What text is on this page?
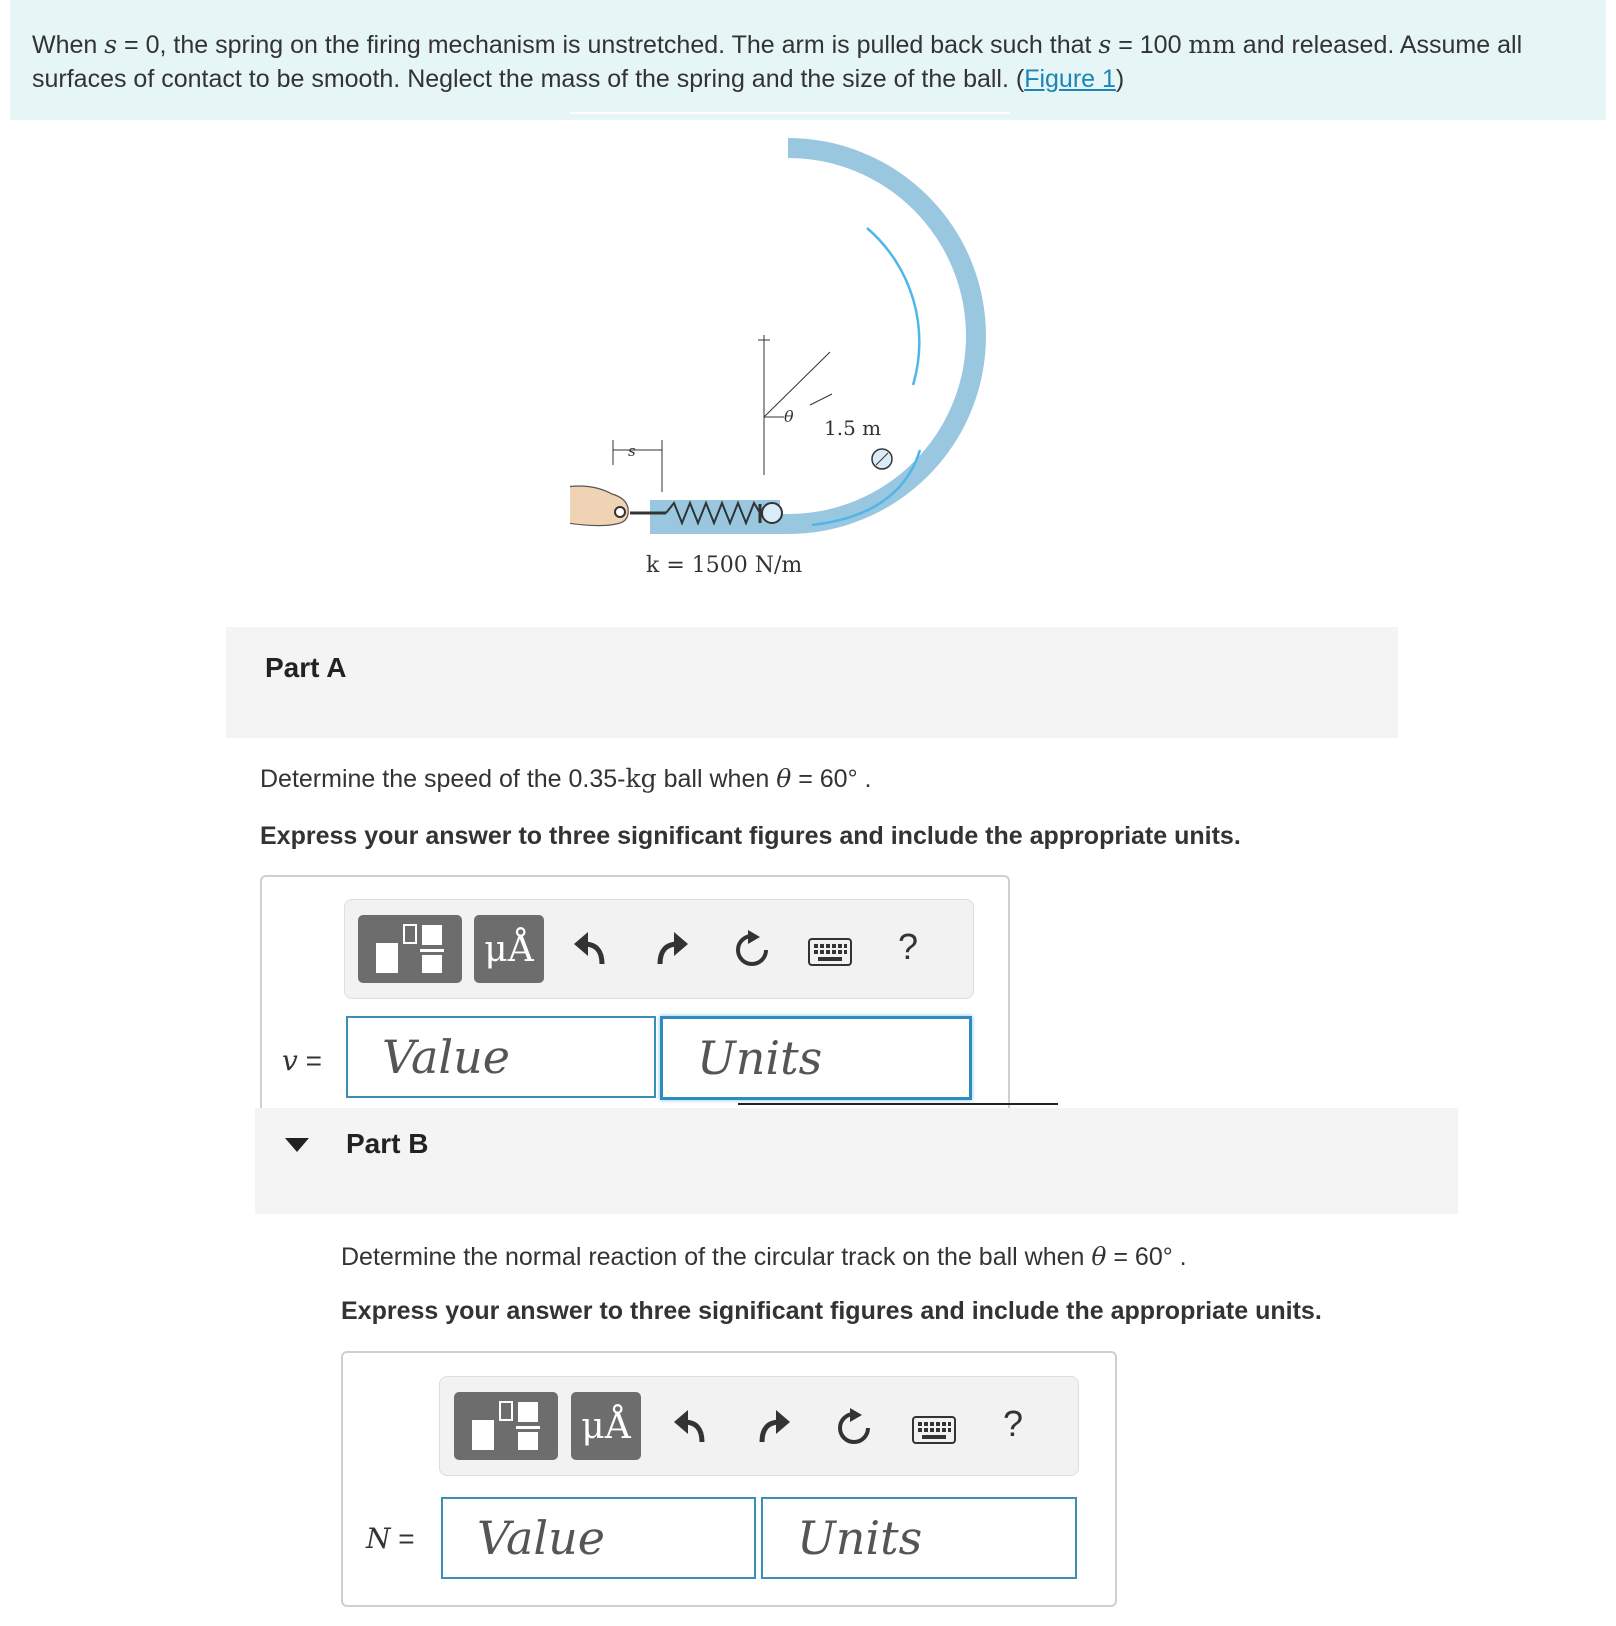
When s = 0, the spring on the firing mechanism is unstretched. The arm is pulled back such that s = 100 mm and released. Assume all surfaces of contact to be smooth. Neglect the mass of the spring and the size of the ball. (Figure 1)
1.5 m
θ
s
k = 1500 N/m
Part A
Determine the speed of the 0.35-kg ball when θ = 60° .
Express your answer to three significant figures and include the appropriate units.
μÅ	?
v =
Value
Units
Part B
Determine the normal reaction of the circular track on the ball when θ = 60° .
Express your answer to three significant figures and include the appropriate units.
μÅ	?
N =
Value
Units
